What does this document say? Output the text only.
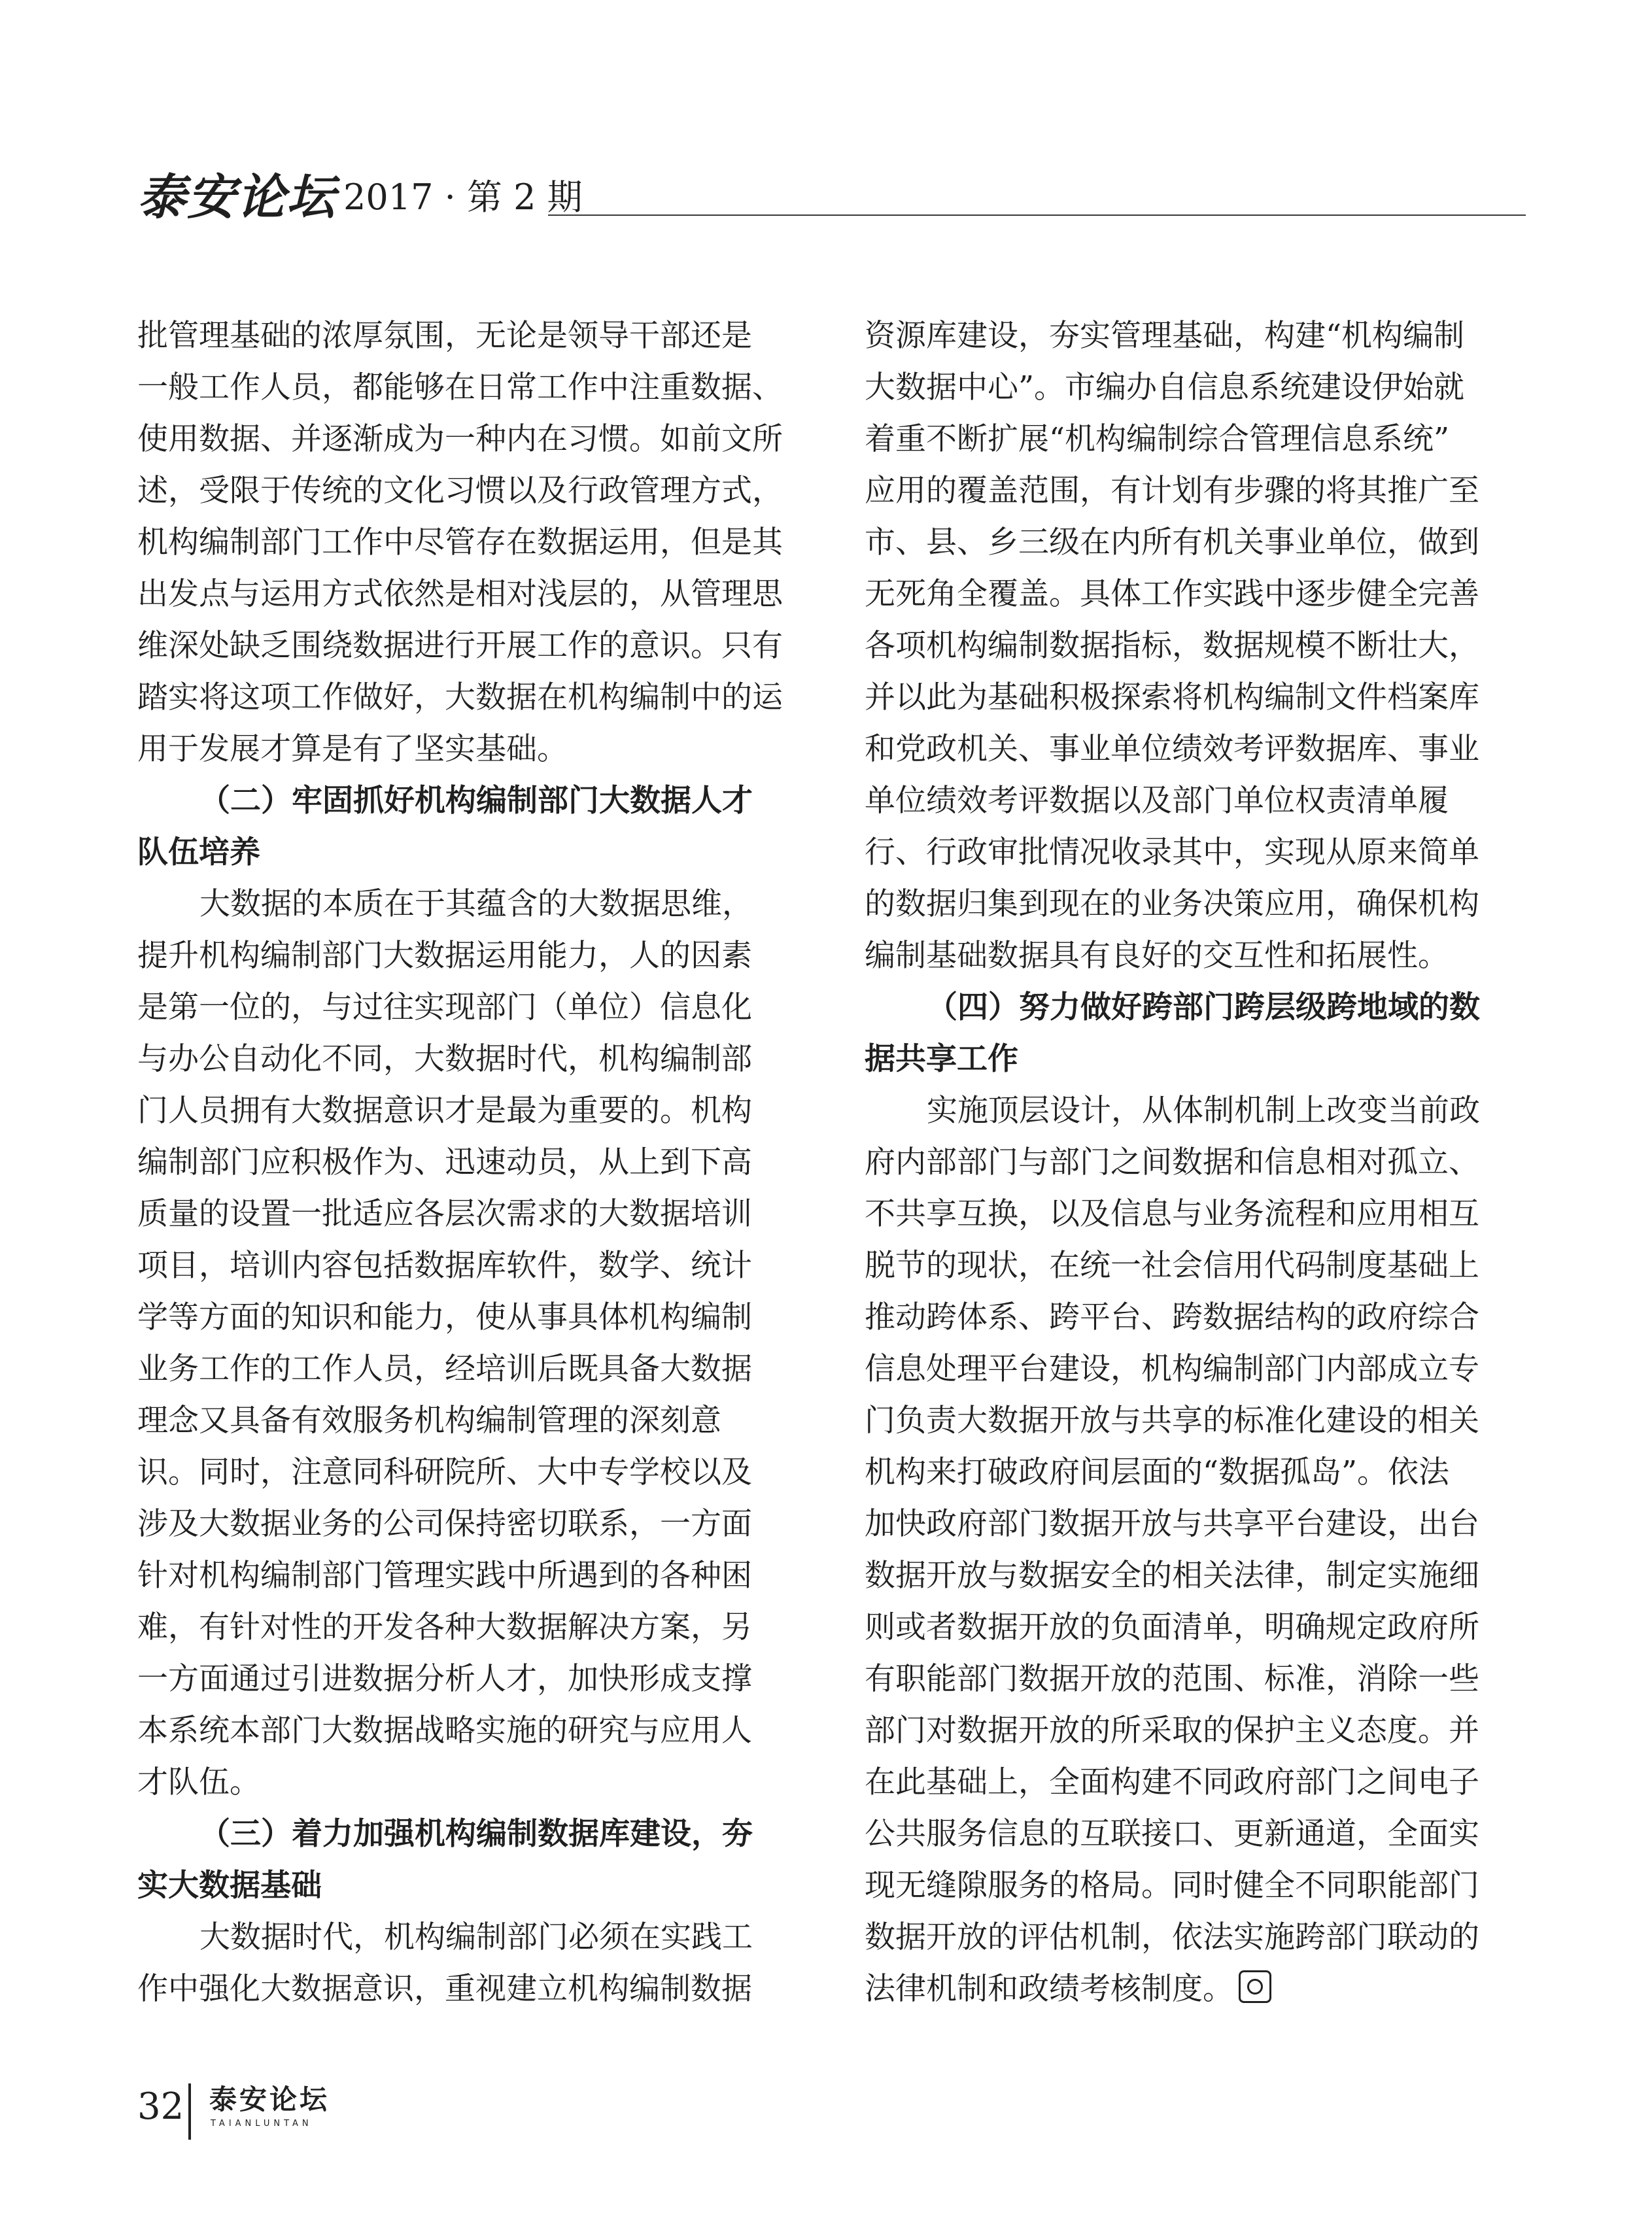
泰安论坛 2017 · 第 2 期
批管理基础的浓厚氛围，无论是领导干部还是
一般工作人员，都能够在日常工作中注重数据、
使用数据、并逐渐成为一种内在习惯。如前文所
述，受限于传统的文化习惯以及行政管理方式，
机构编制部门工作中尽管存在数据运用，但是其
出发点与运用方式依然是相对浅层的，从管理思
维深处缺乏围绕数据进行开展工作的意识。只有
踏实将这项工作做好，大数据在机构编制中的运
用于发展才算是有了坚实基础。
（二）牢固抓好机构编制部门大数据人才
队伍培养
大数据的本质在于其蕴含的大数据思维，
提升机构编制部门大数据运用能力，人的因素
是第一位的，与过往实现部门（单位）信息化
与办公自动化不同，大数据时代，机构编制部
门人员拥有大数据意识才是最为重要的。机构
编制部门应积极作为、迅速动员，从上到下高
质量的设置一批适应各层次需求的大数据培训
项目，培训内容包括数据库软件，数学、统计
学等方面的知识和能力，使从事具体机构编制
业务工作的工作人员，经培训后既具备大数据
理念又具备有效服务机构编制管理的深刻意
识。同时，注意同科研院所、大中专学校以及
涉及大数据业务的公司保持密切联系，一方面
针对机构编制部门管理实践中所遇到的各种困
难，有针对性的开发各种大数据解决方案，另
一方面通过引进数据分析人才，加快形成支撑
本系统本部门大数据战略实施的研究与应用人
才队伍。
（三）着力加强机构编制数据库建设，夯
实大数据基础
大数据时代，机构编制部门必须在实践工
作中强化大数据意识，重视建立机构编制数据
资源库建设，夯实管理基础，构建“机构编制
大数据中心”。市编办自信息系统建设伊始就
着重不断扩展“机构编制综合管理信息系统”
应用的覆盖范围，有计划有步骤的将其推广至
市、县、乡三级在内所有机关事业单位，做到
无死角全覆盖。具体工作实践中逐步健全完善
各项机构编制数据指标，数据规模不断壮大，
并以此为基础积极探索将机构编制文件档案库
和党政机关、事业单位绩效考评数据库、事业
单位绩效考评数据以及部门单位权责清单履
行、行政审批情况收录其中，实现从原来简单
的数据归集到现在的业务决策应用，确保机构
编制基础数据具有良好的交互性和拓展性。
（四）努力做好跨部门跨层级跨地域的数
据共享工作
实施顶层设计，从体制机制上改变当前政
府内部部门与部门之间数据和信息相对孤立、
不共享互换，以及信息与业务流程和应用相互
脱节的现状，在统一社会信用代码制度基础上
推动跨体系、跨平台、跨数据结构的政府综合
信息处理平台建设，机构编制部门内部成立专
门负责大数据开放与共享的标准化建设的相关
机构来打破政府间层面的“数据孤岛”。依法
加快政府部门数据开放与共享平台建设，出台
数据开放与数据安全的相关法律，制定实施细
则或者数据开放的负面清单，明确规定政府所
有职能部门数据开放的范围、标准，消除一些
部门对数据开放的所采取的保护主义态度。并
在此基础上，全面构建不同政府部门之间电子
公共服务信息的互联接口、更新通道，全面实
现无缝隙服务的格局。同时健全不同职能部门
数据开放的评估机制，依法实施跨部门联动的
法律机制和政绩考核制度。
32 泰安论坛
TAIANLUNTAN
